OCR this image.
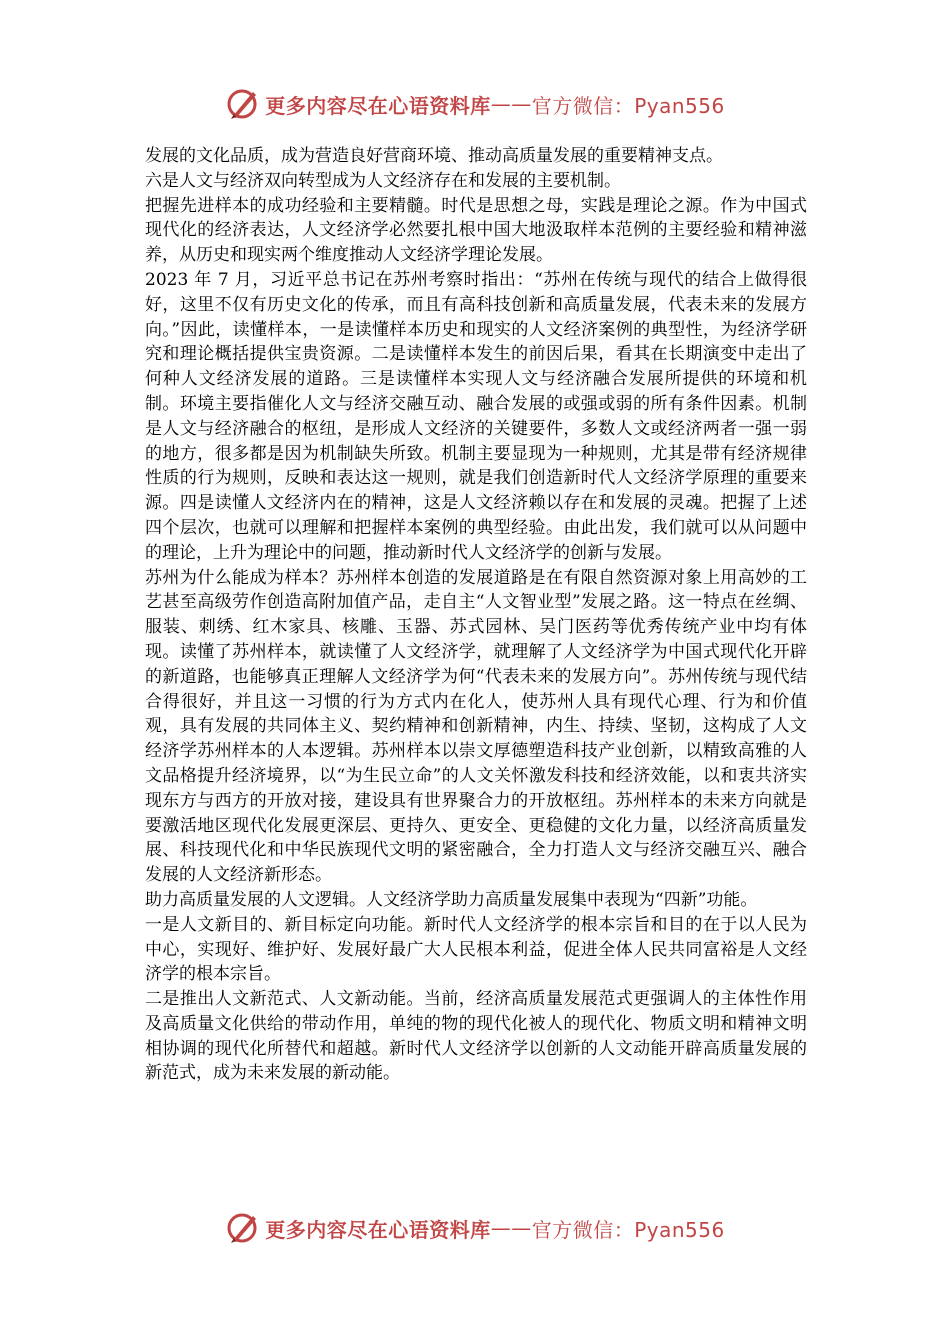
更多内容尽在心语资料库 —— 官方微信：Pyan556

发展的文化品质，成为营造良好营商环境、推动高质量发展的重要精神支点。

六是人文与经济双向转型成为人文经济存在和发展的主要机制。

把握先进样本的成功经验和主要精髓。时代是思想之母，实践是理论之源。作为中国式现代化的经济表达，人文经济学必然要扎根中国大地汲取样本范例的主要经验和精神滋养，从历史和现实两个维度推动人文经济学理论发展。

2023 年 7 月，习近平总书记在苏州考察时指出：“苏州在传统与现代的结合上做得很好，这里不仅有历史文化的传承，而且有高科技创新和高质量发展，代表未来的发展方向。”因此，读懂样本，一是读懂样本历史和现实的人文经济案例的典型性，为经济学研究和理论概括提供宝贵资源。二是读懂样本发生的前因后果，看其在长期演变中走出了何种人文经济发展的道路。三是读懂样本实现人文与经济融合发展所提供的环境和机制。环境主要指催化人文与经济交融互动、融合发展的或强或弱的所有条件因素。机制是人文与经济融合的枢纽，是形成人文经济的关键要件，多数人文或经济两者一强一弱的地方，很多都是因为机制缺失所致。机制主要显现为一种规则，尤其是带有经济规律性质的行为规则，反映和表达这一规则，就是我们创造新时代人文经济学原理的重要来源。四是读懂人文经济内在的精神，这是人文经济赖以存在和发展的灵魂。把握了上述四个层次，也就可以理解和把握样本案例的典型经验。由此出发，我们就可以从问题中的理论，上升为理论中的问题，推动新时代人文经济学的创新与发展。

苏州为什么能成为样本？苏州样本创造的发展道路是在有限自然资源对象上用高妙的工艺甚至高级劳作创造高附加值产品，走自主“人文智业型”发展之路。这一特点在丝绸、服装、刺绣、红木家具、核雕、玉器、苏式园林、吴门医药等优秀传统产业中均有体现。读懂了苏州样本，就读懂了人文经济学，就理解了人文经济学为中国式现代化开辟的新道路，也能够真正理解人文经济学为何“代表未来的发展方向”。苏州传统与现代结合得很好，并且这一习惯的行为方式内在化人，使苏州人具有现代心理、行为和价值观，具有发展的共同体主义、契约精神和创新精神，内生、持续、坚韧，这构成了人文经济学苏州样本的人本逻辑。苏州样本以崇文厚德塑造科技产业创新，以精致高雅的人文品格提升经济境界，以“为生民立命”的人文关怀激发科技和经济效能，以和衷共济实现东方与西方的开放对接，建设具有世界聚合力的开放枢纽。苏州样本的未来方向就是要激活地区现代化发展更深层、更持久、更安全、更稳健的文化力量，以经济高质量发展、科技现代化和中华民族现代文明的紧密融合，全力打造人文与经济交融互兴、融合发展的人文经济新形态。

助力高质量发展的人文逻辑。人文经济学助力高质量发展集中表现为“四新”功能。

一是人文新目的、新目标定向功能。新时代人文经济学的根本宗旨和目的在于以人民为中心，实现好、维护好、发展好最广大人民根本利益，促进全体人民共同富裕是人文经济学的根本宗旨。

二是推出人文新范式、人文新动能。当前，经济高质量发展范式更强调人的主体性作用及高质量文化供给的带动作用，单纯的物的现代化被人的现代化、物质文明和精神文明相协调的现代化所替代和超越。新时代人文经济学以创新的人文动能开辟高质量发展的新范式，成为未来发展的新动能。

更多内容尽在心语资料库 —— 官方微信：Pyan556
